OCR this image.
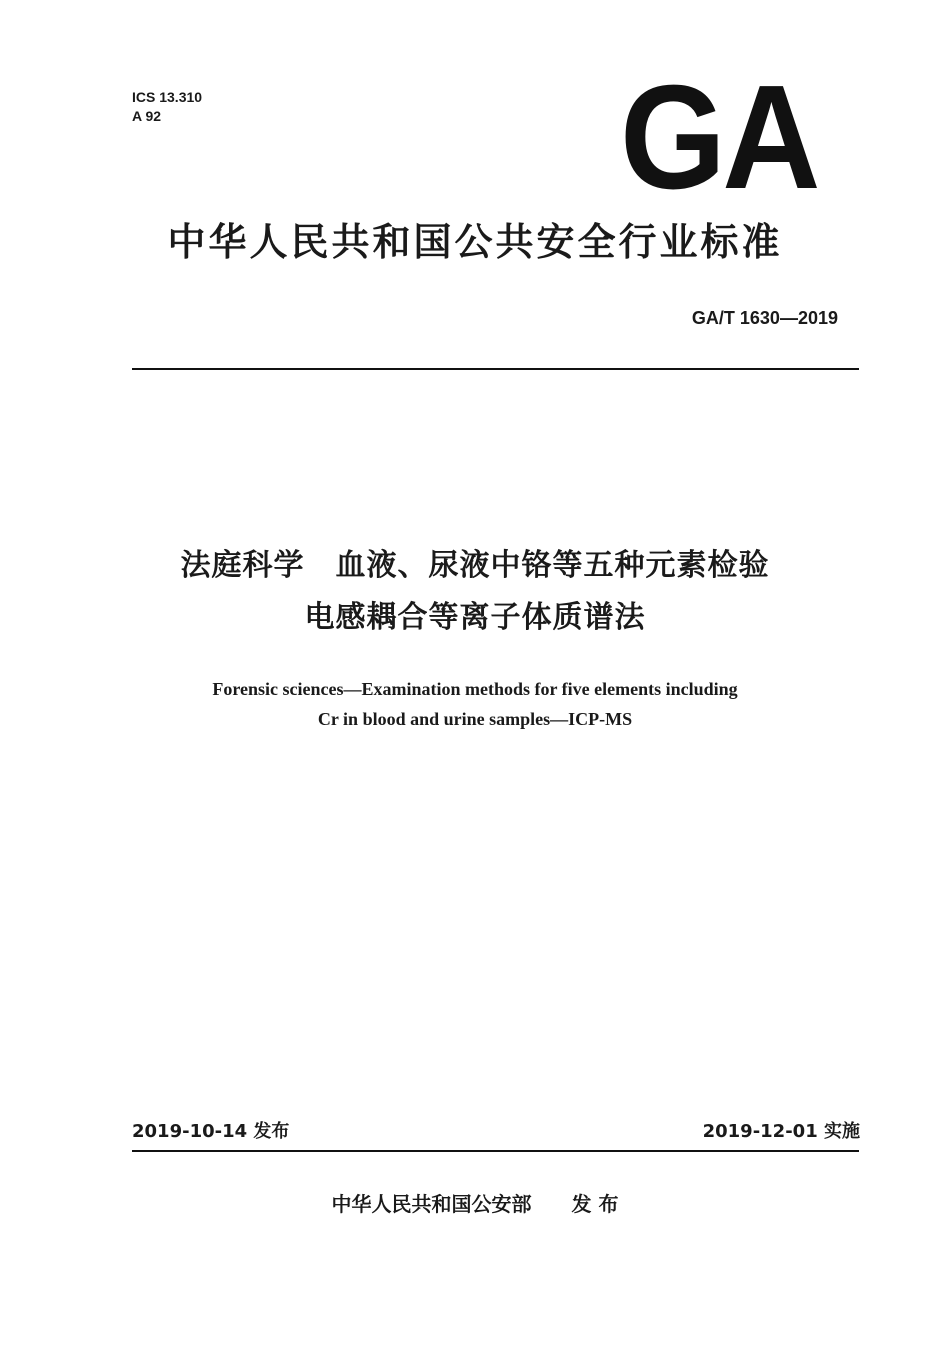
ICS 13.310
A 92	GA
中华人民共和国公共安全行业标准
GA/T 1630—2019
法庭科学　血液、尿液中铬等五种元素检验
电感耦合等离子体质谱法
Forensic sciences—Examination methods for five elements including
Cr in blood and urine samples—ICP-MS
2019-10-14 发布	2019-12-01 实施
中华人民共和国公安部 发 布
